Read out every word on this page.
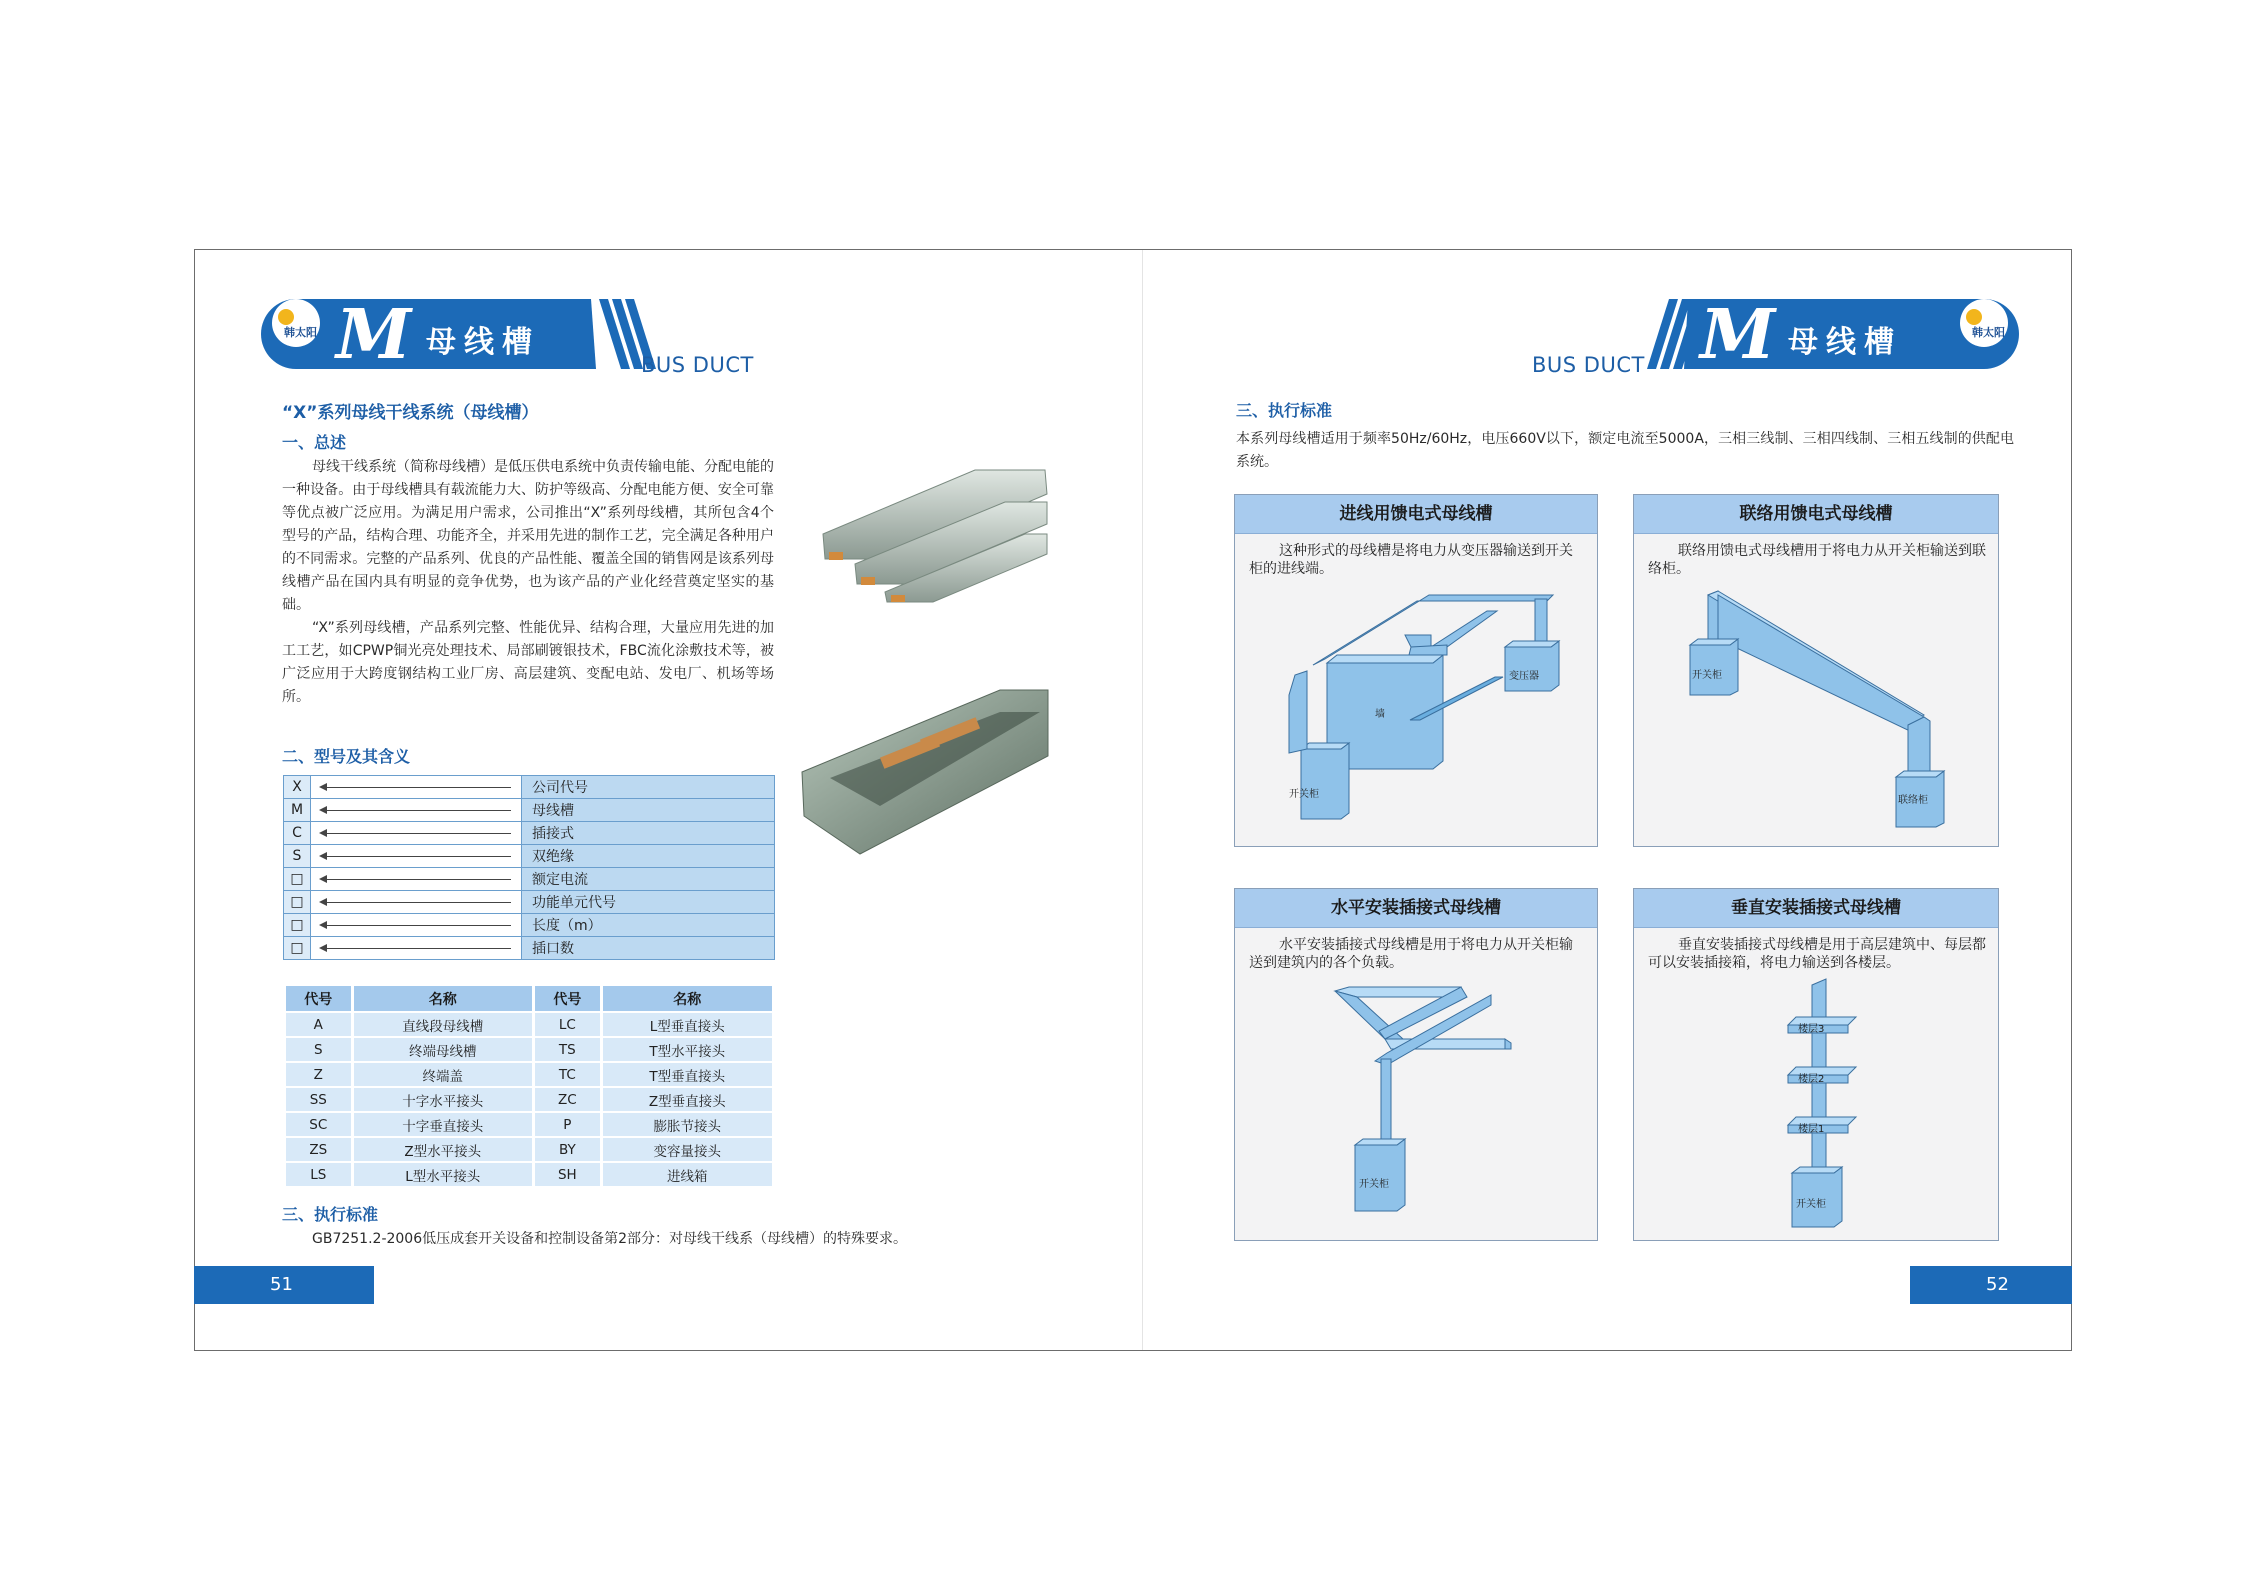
韩太阳 M 母线槽
BUS DUCT
韩太阳
BUS DUCT M 母线槽
“X”系列母线干线系统（母线槽）
一、总述

母线干线系统（简称母线槽）是低压供电系统中负责传输电能、分配电能的一种设备。由于母线槽具有载流能力大、防护等级高、分配电能方便、安全可靠等优点被广泛应用。为满足用户需求，公司推出“X”系列母线槽，其所包含4个型号的产品，结构合理、功能齐全，并采用先进的制作工艺，完全满足各种用户的不同需求。完整的产品系列、优良的产品性能、覆盖全国的销售网是该系列母线槽产品在国内具有明显的竞争优势，也为该产品的产业化经营奠定坚实的基础。

“X”系列母线槽，产品系列完整、性能优异、结构合理，大量应用先进的加工工艺，如CPWP铜光亮处理技术、局部刷镀银技术，FBC流化涂敷技术等，被广泛应用于大跨度钢结构工业厂房、高层建筑、变配电站、发电厂、机场等场所。

二、型号及其含义
X		公司代号
M		母线槽
C		插接式
S		双绝缘
□		额定电流
□		功能单元代号
□		长度（m）
□		插口数
代号	名称	代号	名称
A	直线段母线槽	LC	L型垂直接头
S	终端母线槽	TS	T型水平接头
Z	终端盖	TC	T型垂直接头
SS	十字水平接头	ZC	Z型垂直接头
SC	十字垂直接头	P	膨胀节接头
ZS	Z型水平接头	BY	变容量接头
LS	L型水平接头	SH	进线箱
三、执行标准
GB7251.2-2006低压成套开关设备和控制设备第2部分：对母线干线系（母线槽）的特殊要求。
51	52
三、执行标准
本系列母线槽适用于频率50Hz/60Hz，电压660V以下，额定电流至5000A，三相三线制、三相四线制、三相五线制的供配电系统。
进线用馈电式母线槽
这种形式的母线槽是将电力从变压器输送到开关柜的进线端。
墙
变压器
开关柜
联络用馈电式母线槽
联络用馈电式母线槽用于将电力从开关柜输送到联络柜。
开关柜
联络柜
水平安装插接式母线槽
水平安装插接式母线槽是用于将电力从开关柜输送到建筑内的各个负载。
开关柜
垂直安装插接式母线槽
垂直安装插接式母线槽是用于高层建筑中、每层都可以安装插接箱，将电力输送到各楼层。
楼层3
楼层2
楼层1
开关柜
